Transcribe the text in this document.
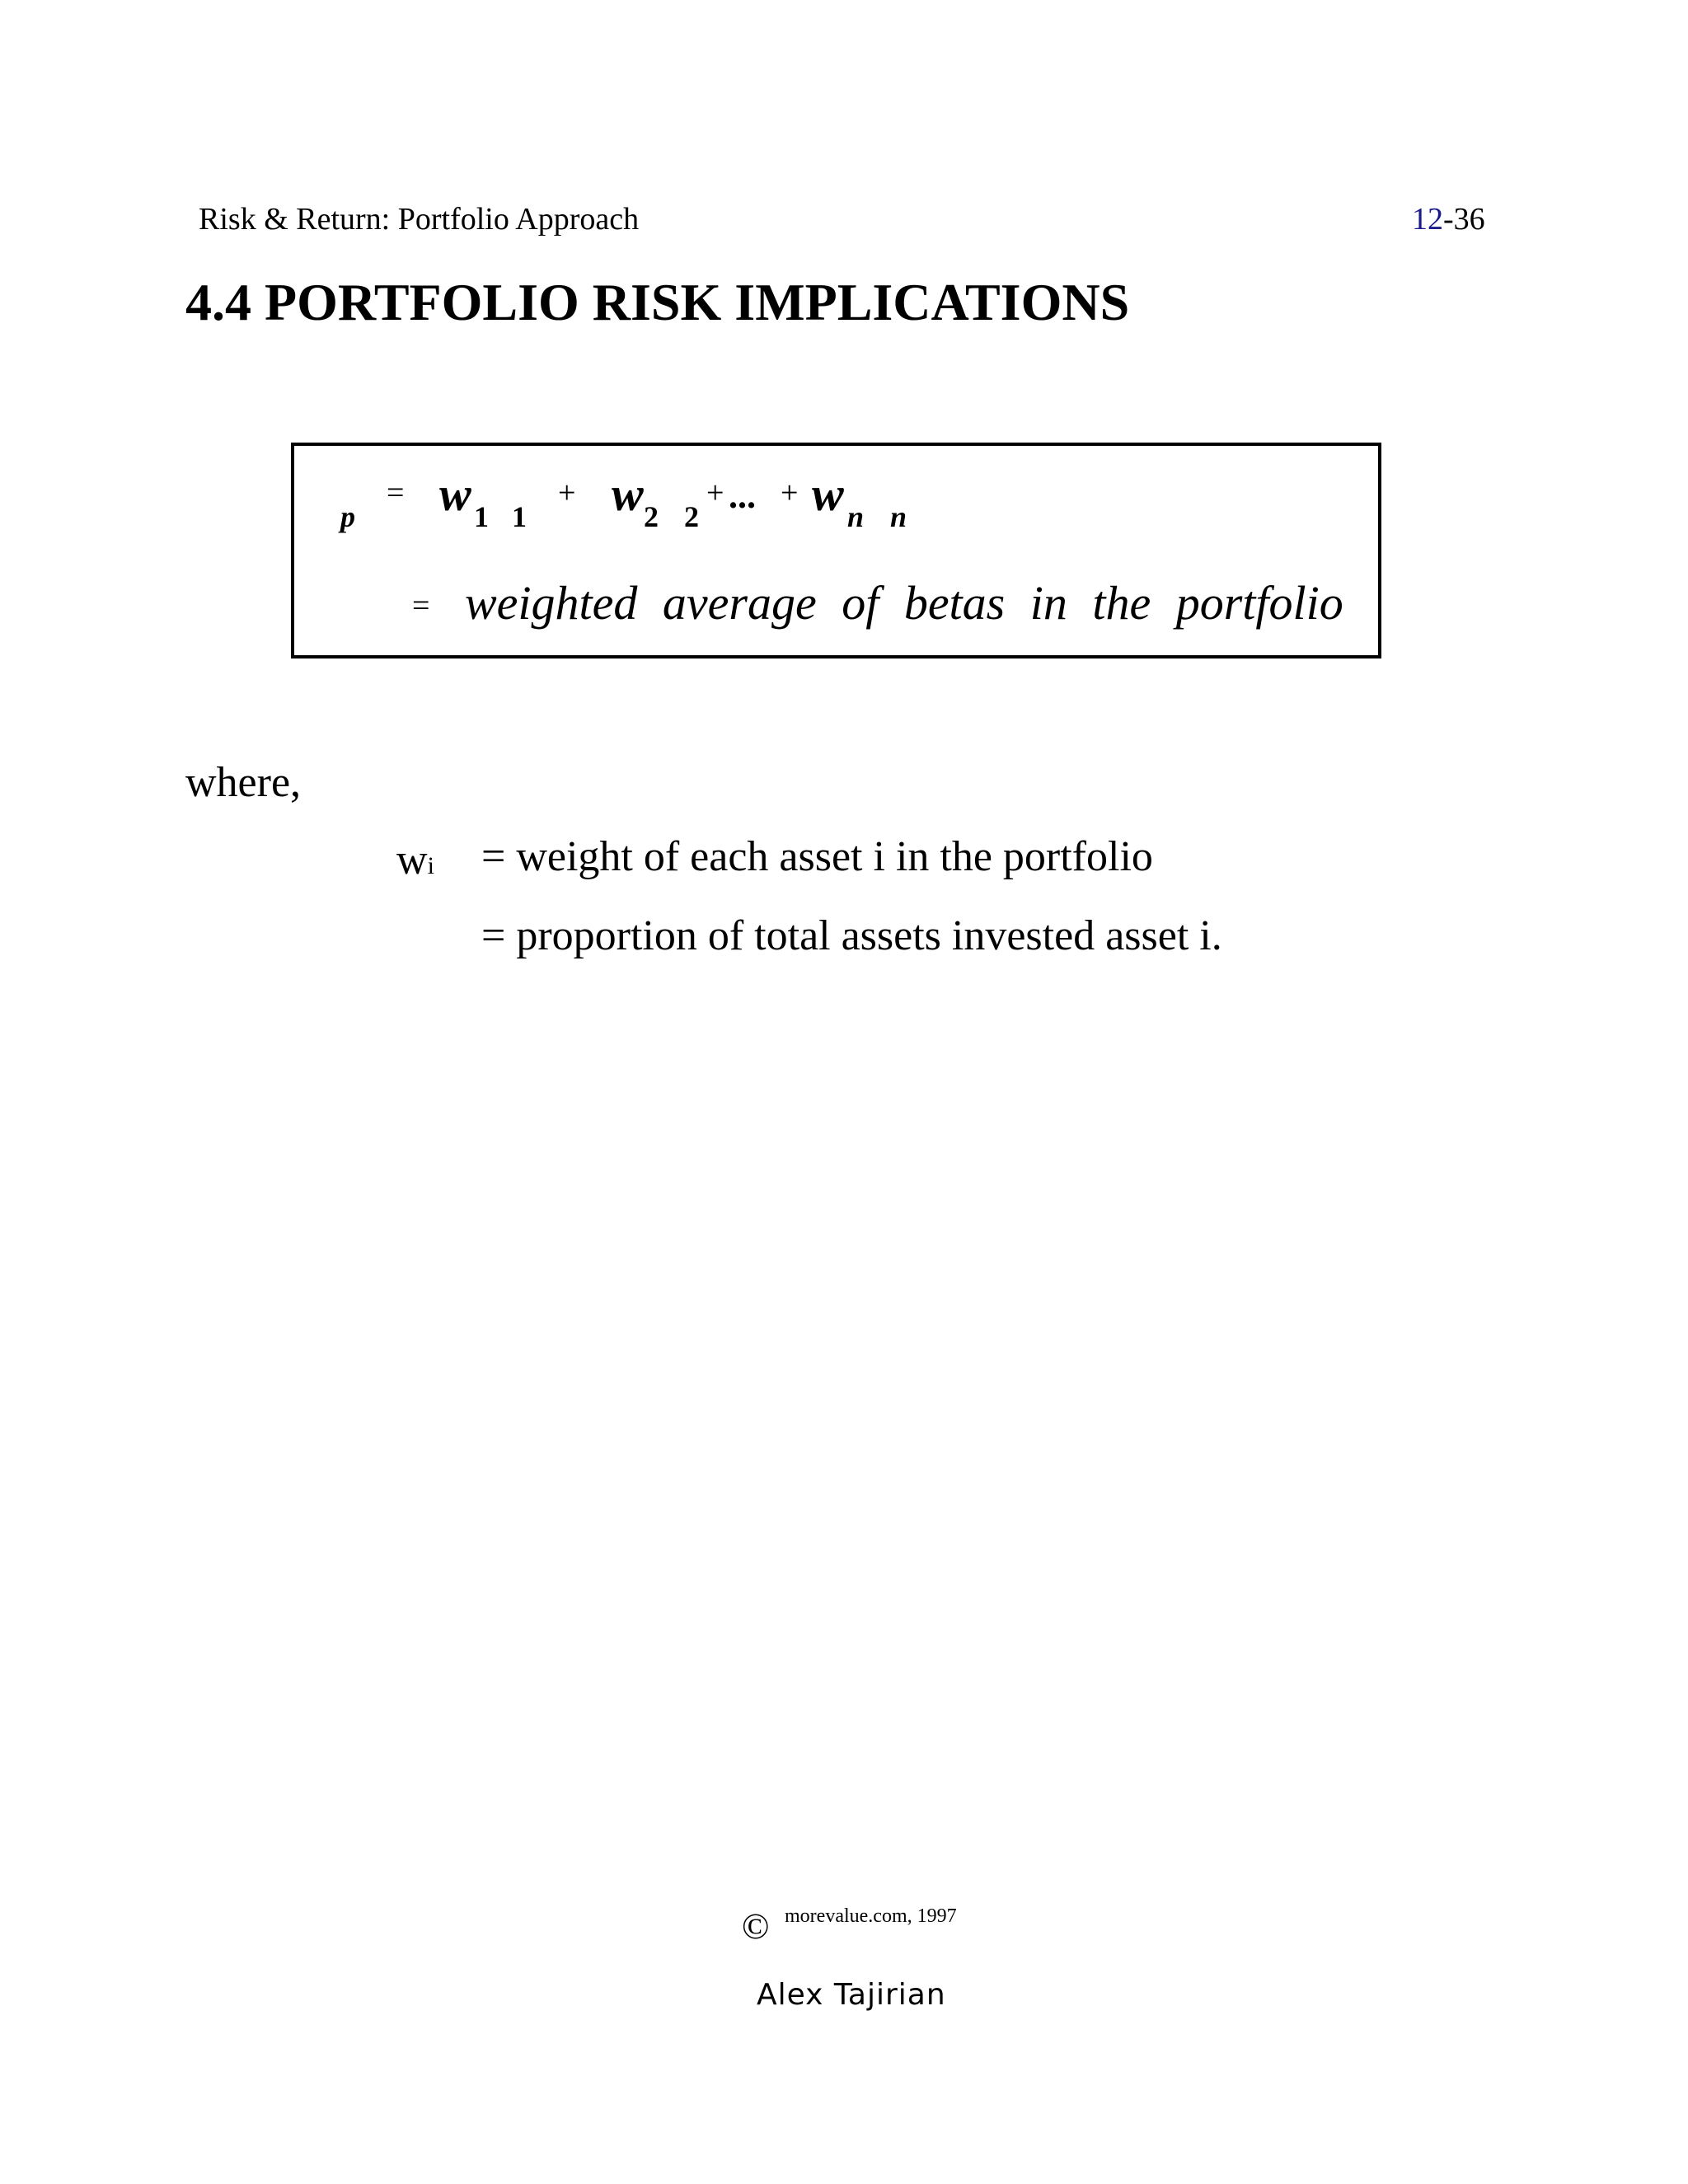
Risk & Return: Portfolio Approach	12-36
4.4 PORTFOLIO RISK IMPLICATIONS
p
= w 1 1
+ w 2 2
+ ... + w n n
= weighted average of betas in the portfolio
where,
wi = weight of each asset i in the portfolio
= proportion of total assets invested asset i.
© morevalue.com, 1997
Alex Tajirian
